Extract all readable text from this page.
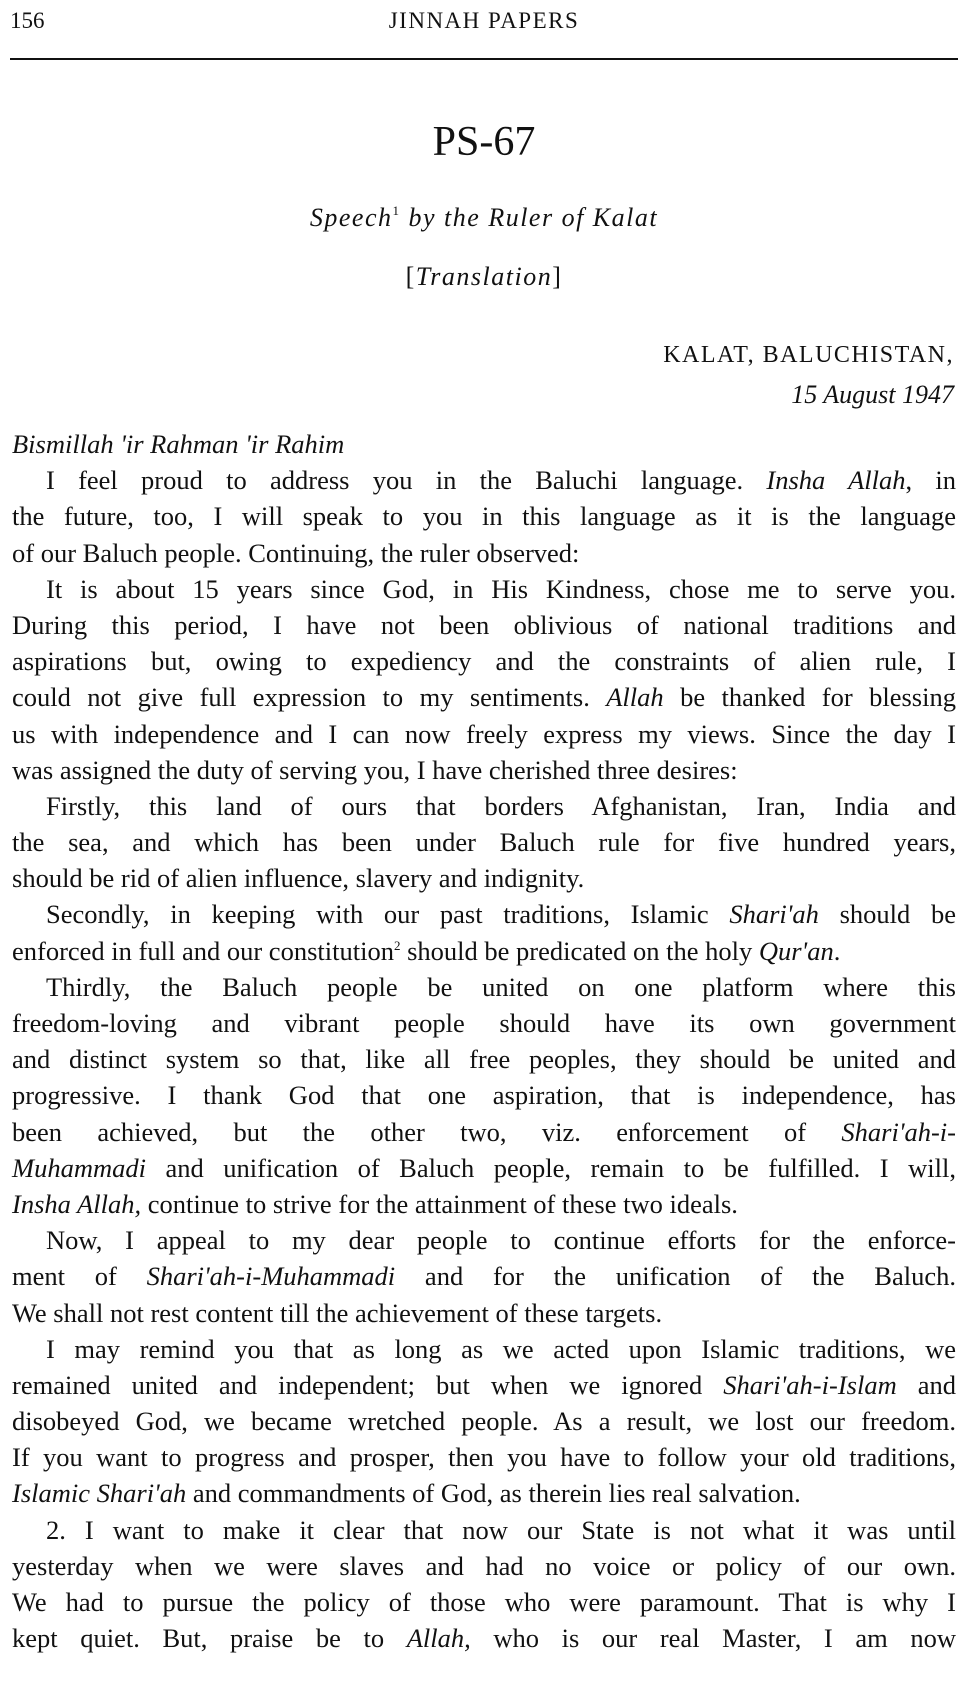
156	JINNAH PAPERS
PS-67
Speech$^1$ by the Ruler of Kalat
[Translation]
KALAT, BALUCHISTAN,
15 August 1947
Bismillah 'ir Rahman 'ir Rahim
I feel proud to address you in the Baluchi language. Insha Allah, in
the future, too, I will speak to you in this language as it is the language
of our Baluch people. Continuing, the ruler observed:
It is about 15 years since God, in His Kindness, chose me to serve you.
During this period, I have not been oblivious of national traditions and
aspirations but, owing to expediency and the constraints of alien rule, I
could not give full expression to my sentiments. Allah be thanked for blessing
us with independence and I can now freely express my views. Since the day I
was assigned the duty of serving you, I have cherished three desires:
Firstly, this land of ours that borders Afghanistan, Iran, India and
the sea, and which has been under Baluch rule for five hundred years,
should be rid of alien influence, slavery and indignity.
Secondly, in keeping with our past traditions, Islamic Shari'ah should be
enforced in full and our constitution$^2$ should be predicated on the holy Qur'an.
Thirdly, the Baluch people be united on one platform where this
freedom-loving and vibrant people should have its own government
and distinct system so that, like all free peoples, they should be united and
progressive. I thank God that one aspiration, that is independence, has
been achieved, but the other two, viz. enforcement of Shari'ah-i-
Muhammadi and unification of Baluch people, remain to be fulfilled. I will,
Insha Allah, continue to strive for the attainment of these two ideals.
Now, I appeal to my dear people to continue efforts for the enforce-
ment of Shari'ah-i-Muhammadi and for the unification of the Baluch.
We shall not rest content till the achievement of these targets.
I may remind you that as long as we acted upon Islamic traditions, we
remained united and independent; but when we ignored Shari'ah-i-Islam and
disobeyed God, we became wretched people. As a result, we lost our freedom.
If you want to progress and prosper, then you have to follow your old traditions,
Islamic Shari'ah and commandments of God, as therein lies real salvation.
2. I want to make it clear that now our State is not what it was until
yesterday when we were slaves and had no voice or policy of our own.
We had to pursue the policy of those who were paramount. That is why I
kept quiet. But, praise be to Allah, who is our real Master, I am now
